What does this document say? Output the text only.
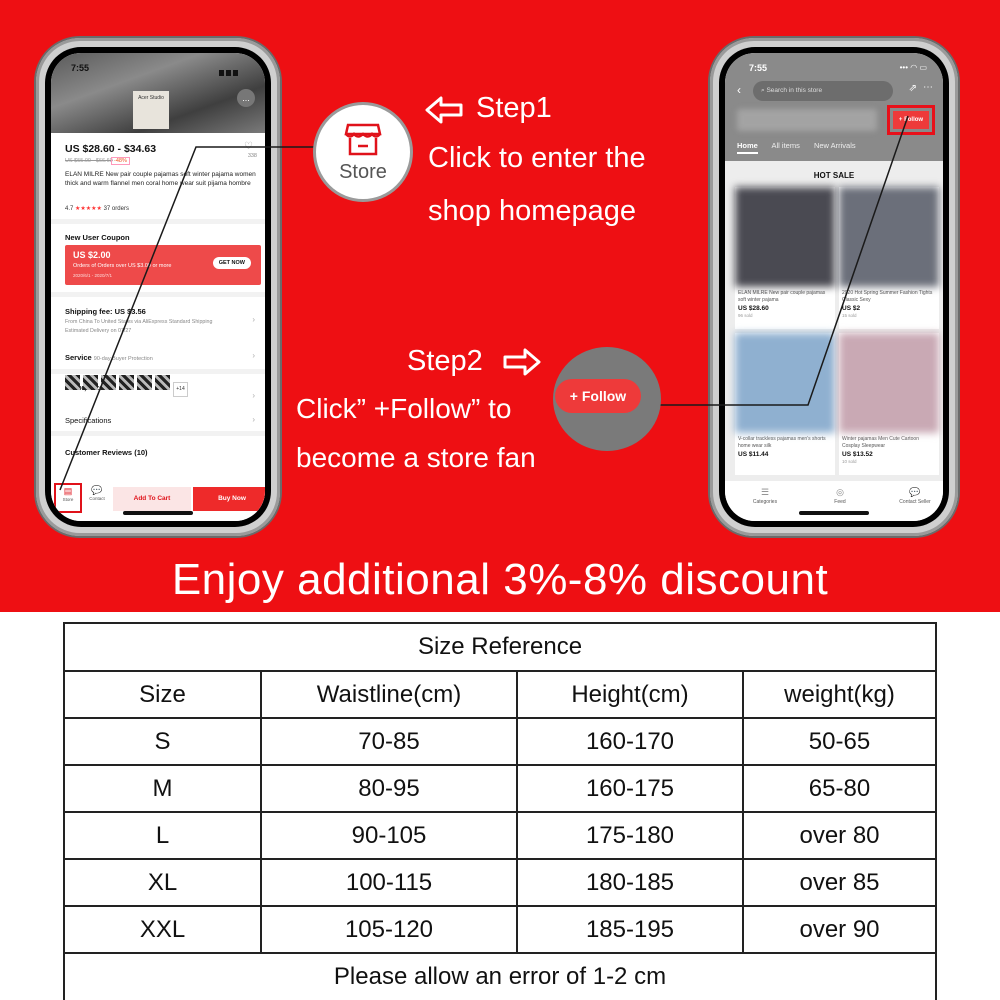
7:55
Acer Studio	...
US $28.60 - $34.63
US $55.00 - $66.60 -48%
♡
338
ELAN MILRE New pair couple pajamas soft winter pajama women thick and warm flannel men coral home wear suit pijama hombre
4.7 ★★★★★ 37 orders
New User Coupon
US $2.00
Orders of Orders over US $3.00 or more
2020/6/1 - 2020/7/1
GET NOW
Shipping fee: US $3.56
From China To United States via AliExpress Standard Shipping
Estimated Delivery on 07/27
›
Service 90-day Buyer Protection	›
›
+14
Specifications	›
Customer Reviews (10)
▤
Store
💬
Contact	Add To Cart	Buy Now
7:55	••• ◠ ▭
‹	⌕ Search in this store	⇗ ⋯
+ Follow
Home All items New Arrivals
HOT SALE
ELAN MILRE New pair couple pajamas soft winter pajama
US $28.60
96 sold
2020 Hot Spring Summer Fashion Tights Classic Sexy
US $2
15 sold
V-collar trackless pajamas men's shorts home wear silk
US $11.44
Winter pajamas Men Cute Cartoon Cosplay Sleepwear
US $13.52
10 sold
☰
Categories
◎
Feed
💬
Contact Seller
Store
+ Follow
Step1
Click to enter the
shop homepage
Step2
Click” +Follow” to
become a store fan
Enjoy additional 3%-8% discount
Size Reference			
Size	Waistline(cm)	Height(cm)	weight(kg)
S	70-85	160-170	50-65
M	80-95	160-175	65-80
L	90-105	175-180	over 80
XL	100-115	180-185	over 85
XXL	105-120	185-195	over 90
Please allow an error of 1-2 cm			
